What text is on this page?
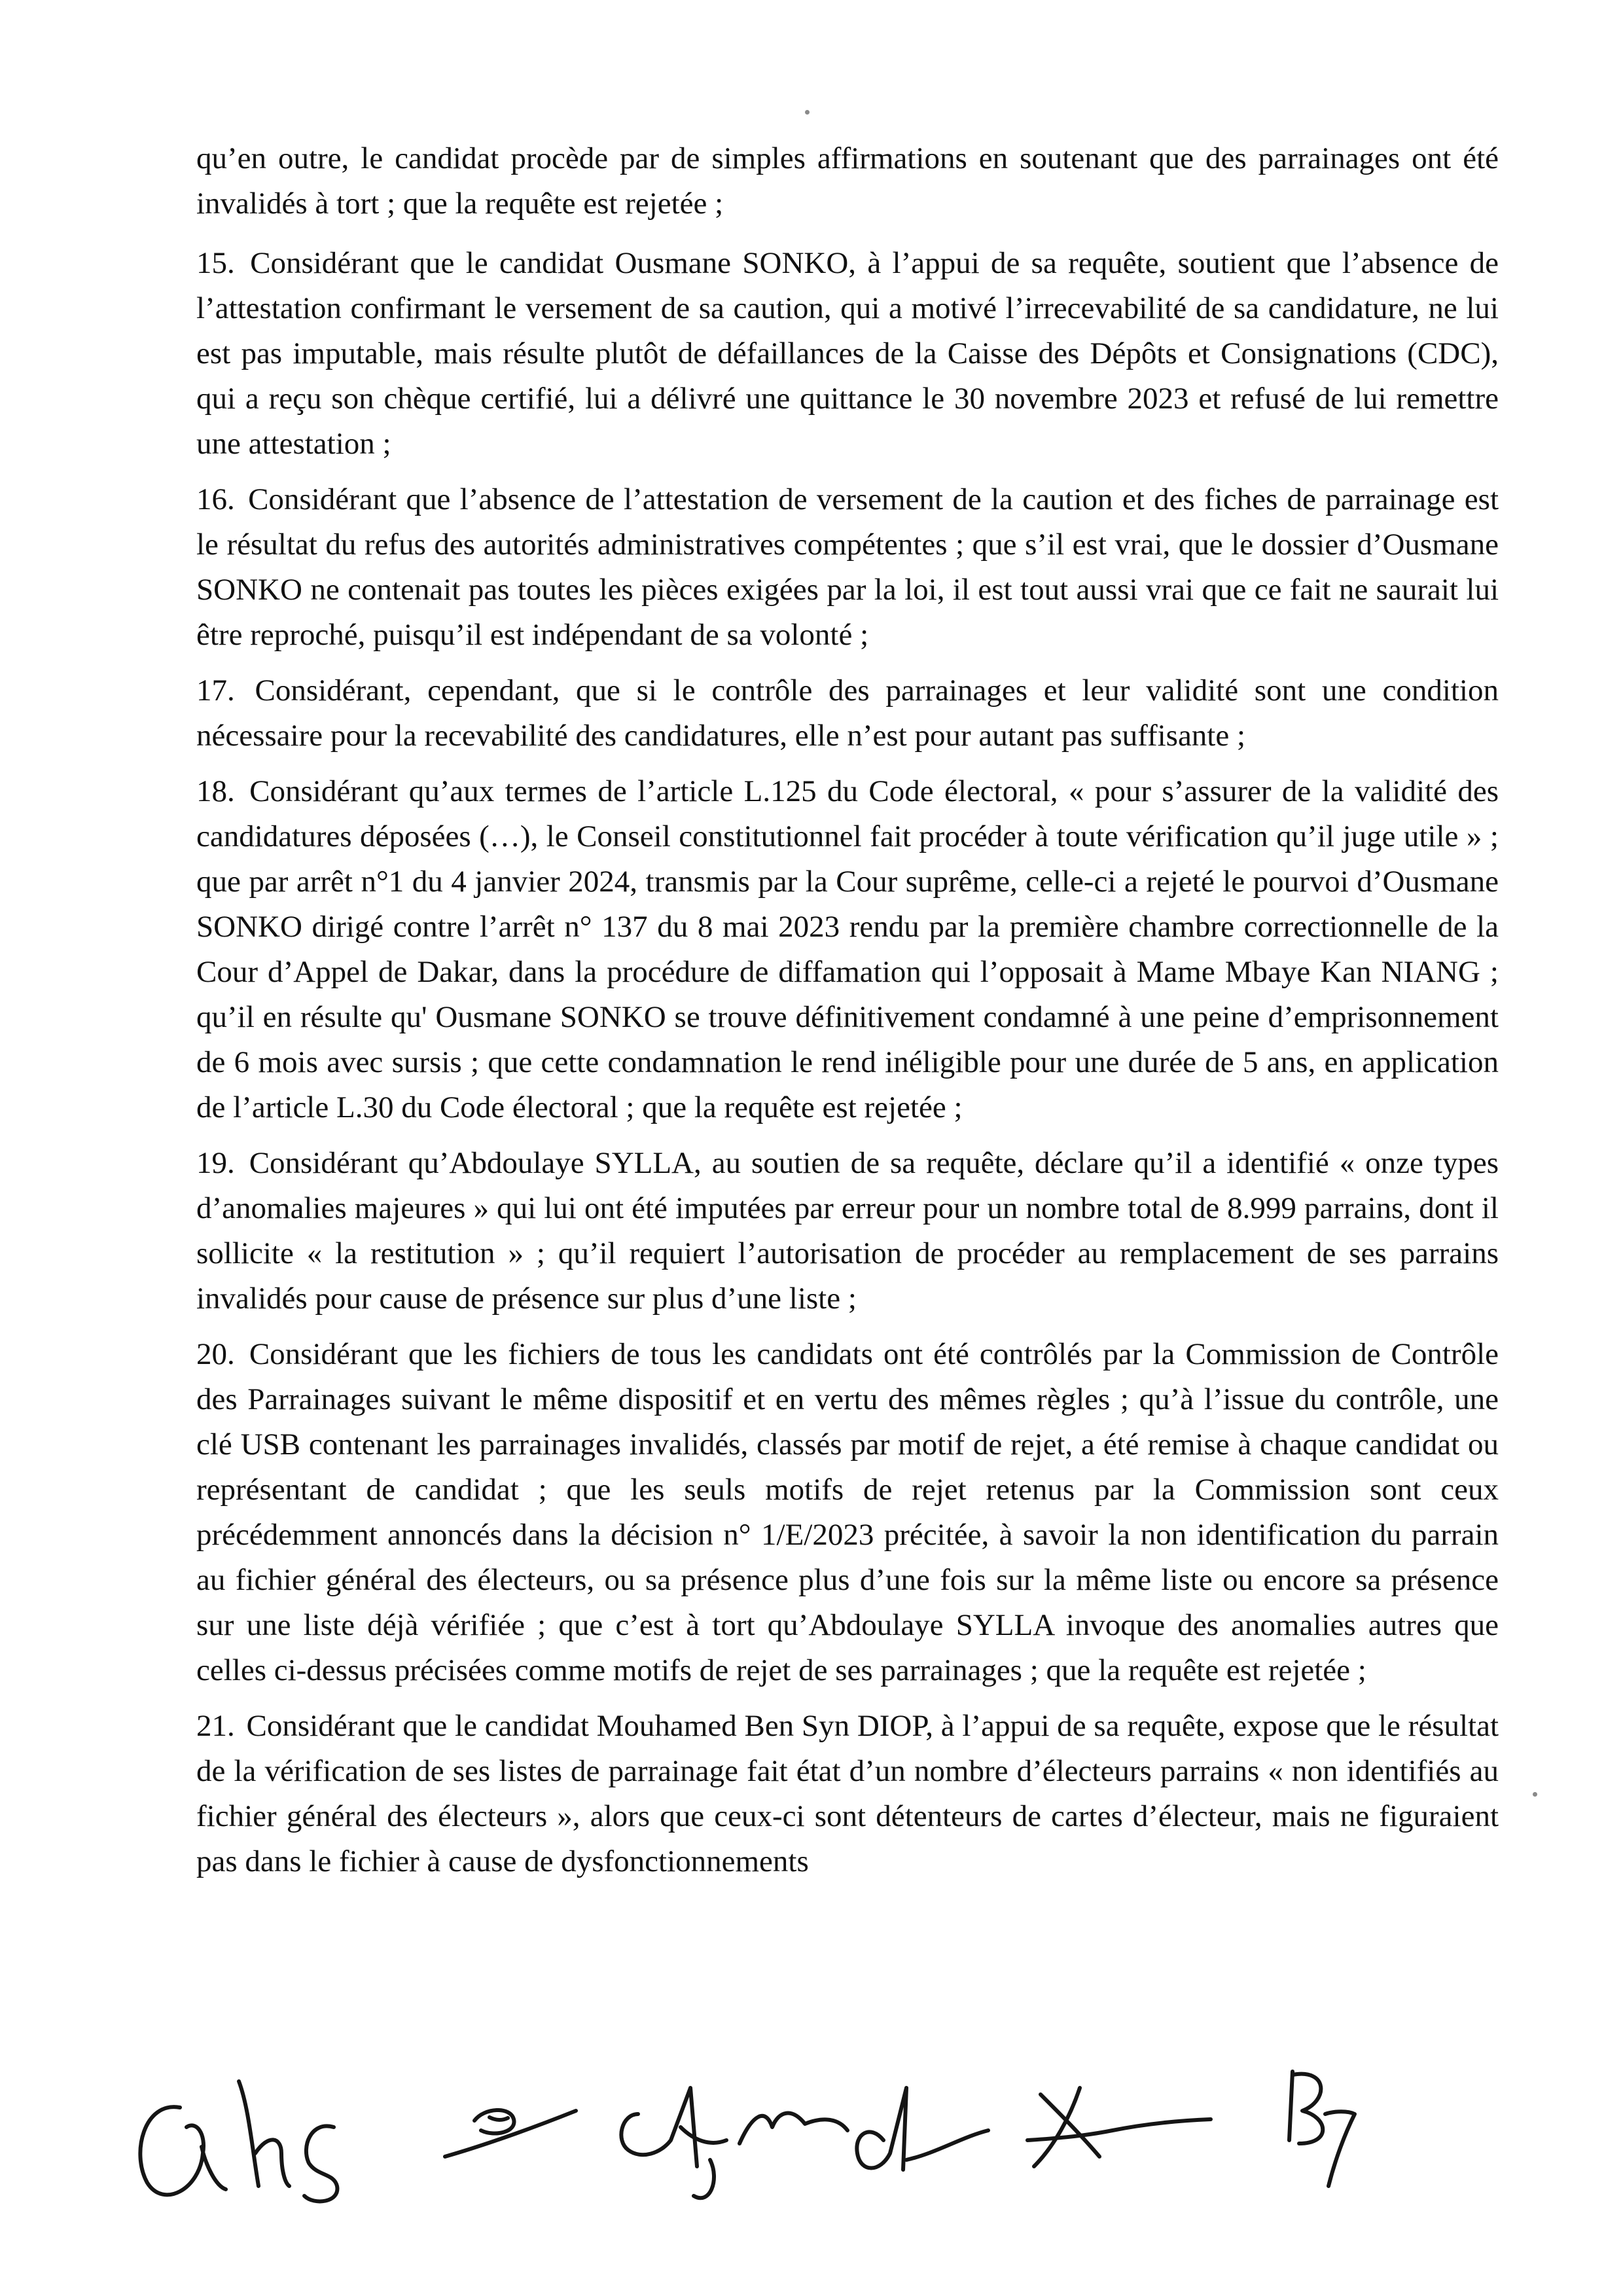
qu’en outre, le candidat procède par de simples affirmations en soutenant que des parrainages ont été invalidés à tort ; que la requête est rejetée ;

15. Considérant que le candidat Ousmane SONKO, à l’appui de sa requête, soutient que l’absence de l’attestation confirmant le versement de sa caution, qui a motivé l’irrecevabilité de sa candidature, ne lui est pas imputable, mais résulte plutôt de défaillances de la Caisse des Dépôts et Consignations (CDC), qui a reçu son chèque certifié, lui a délivré une quittance le 30 novembre 2023 et refusé de lui remettre une attestation ;

16. Considérant que l’absence de l’attestation de versement de la caution et des fiches de parrainage est le résultat du refus des autorités administratives compétentes ; que s’il est vrai, que le dossier d’Ousmane SONKO ne contenait pas toutes les pièces exigées par la loi, il est tout aussi vrai que ce fait ne saurait lui être reproché, puisqu’il est indépendant de sa volonté ;

17. Considérant, cependant, que si le contrôle des parrainages et leur validité sont une condition nécessaire pour la recevabilité des candidatures, elle n’est pour autant pas suffisante ;

18. Considérant qu’aux termes de l’article L.125 du Code électoral, « pour s’assurer de la validité des candidatures déposées (…), le Conseil constitutionnel fait procéder à toute vérification qu’il juge utile » ; que par arrêt n°1 du 4 janvier 2024, transmis par la Cour suprême, celle-ci a rejeté le pourvoi d’Ousmane SONKO dirigé contre l’arrêt n° 137 du 8 mai 2023 rendu par la première chambre correctionnelle de la Cour d’Appel de Dakar, dans la procédure de diffamation qui l’opposait à Mame Mbaye Kan NIANG ; qu’il en résulte qu' Ousmane SONKO se trouve définitivement condamné à une peine d’emprisonnement de 6 mois avec sursis ; que cette condamnation le rend inéligible pour une durée de 5 ans, en application de l’article L.30 du Code électoral ; que la requête est rejetée ;

19. Considérant qu’Abdoulaye SYLLA, au soutien de sa requête, déclare qu’il a identifié « onze types d’anomalies majeures » qui lui ont été imputées par erreur pour un nombre total de 8.999 parrains, dont il sollicite « la restitution » ; qu’il requiert l’autorisation de procéder au remplacement de ses parrains invalidés pour cause de présence sur plus d’une liste ;

20. Considérant que les fichiers de tous les candidats ont été contrôlés par la Commission de Contrôle des Parrainages suivant le même dispositif et en vertu des mêmes règles ; qu’à l’issue du contrôle, une clé USB contenant les parrainages invalidés, classés par motif de rejet, a été remise à chaque candidat ou représentant de candidat ; que les seuls motifs de rejet retenus par la Commission sont ceux précédemment annoncés dans la décision n° 1/E/2023 précitée, à savoir la non identification du parrain au fichier général des électeurs, ou sa présence plus d’une fois sur la même liste ou encore sa présence sur une liste déjà vérifiée ; que c’est à tort qu’Abdoulaye SYLLA invoque des anomalies autres que celles ci-dessus précisées comme motifs de rejet de ses parrainages ; que la requête est rejetée ;

21. Considérant que le candidat Mouhamed Ben Syn DIOP, à l’appui de sa requête, expose que le résultat de la vérification de ses listes de parrainage fait état d’un nombre d’électeurs parrains « non identifiés au fichier général des électeurs », alors que ceux-ci sont détenteurs de cartes d’électeur, mais ne figuraient pas dans le fichier à cause de dysfonctionnements
